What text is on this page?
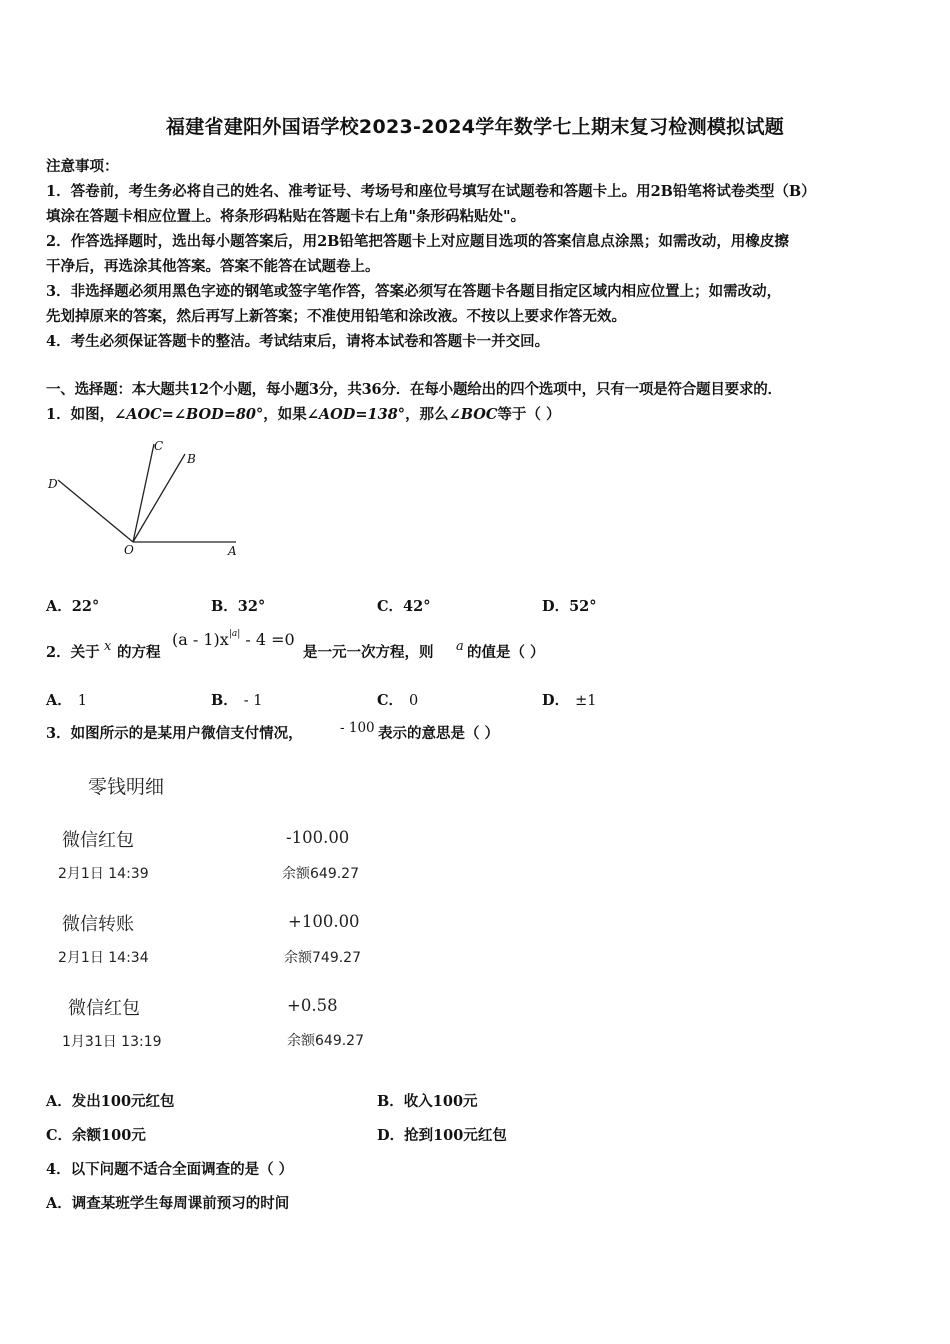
福建省建阳外国语学校2023-2024学年数学七上期末复习检测模拟试题
注意事项：
1．答卷前，考生务必将自己的姓名、准考证号、考场号和座位号填写在试题卷和答题卡上。用2B铅笔将试卷类型（B）
填涂在答题卡相应位置上。将条形码粘贴在答题卡右上角"条形码粘贴处"。
2．作答选择题时，选出每小题答案后，用2B铅笔把答题卡上对应题目选项的答案信息点涂黑；如需改动，用橡皮擦
干净后，再选涂其他答案。答案不能答在试题卷上。
3．非选择题必须用黑色字迹的钢笔或签字笔作答，答案必须写在答题卡各题目指定区域内相应位置上；如需改动，
先划掉原来的答案，然后再写上新答案；不准使用铅笔和涂改液。不按以上要求作答无效。
4．考生必须保证答题卡的整洁。考试结束后，请将本试卷和答题卡一并交回。
一、选择题：本大题共12个小题，每小题3分，共36分．在每小题给出的四个选项中，只有一项是符合题目要求的．
1．如图，∠AOC=∠BOD=80°，如果∠AOD=138°，那么∠BOC等于（ ）
C
B
D
O	A
A．22°	B．32°	C．42°	D．52°
2．关于 x 的方程
$(a - 1)x^{|a|} - 4 =0$
是一元一次方程，则 a 的值是（ ）
A． 1	B． - 1	C． 0	D． ±1
3．如图所示的是某用户微信支付情况，	- 100 表示的意思是（ ）
零钱明细
微信红包	-100.00
2月1日 14:39	余额649.27
微信转账	+100.00
2月1日 14:34	余额749.27
微信红包	+0.58
1月31日 13:19	余额649.27
A．发出100元红包	B．收入100元
C．余额100元	D．抢到100元红包
4．以下问题不适合全面调查的是（ ）
A．调查某班学生每周课前预习的时间
